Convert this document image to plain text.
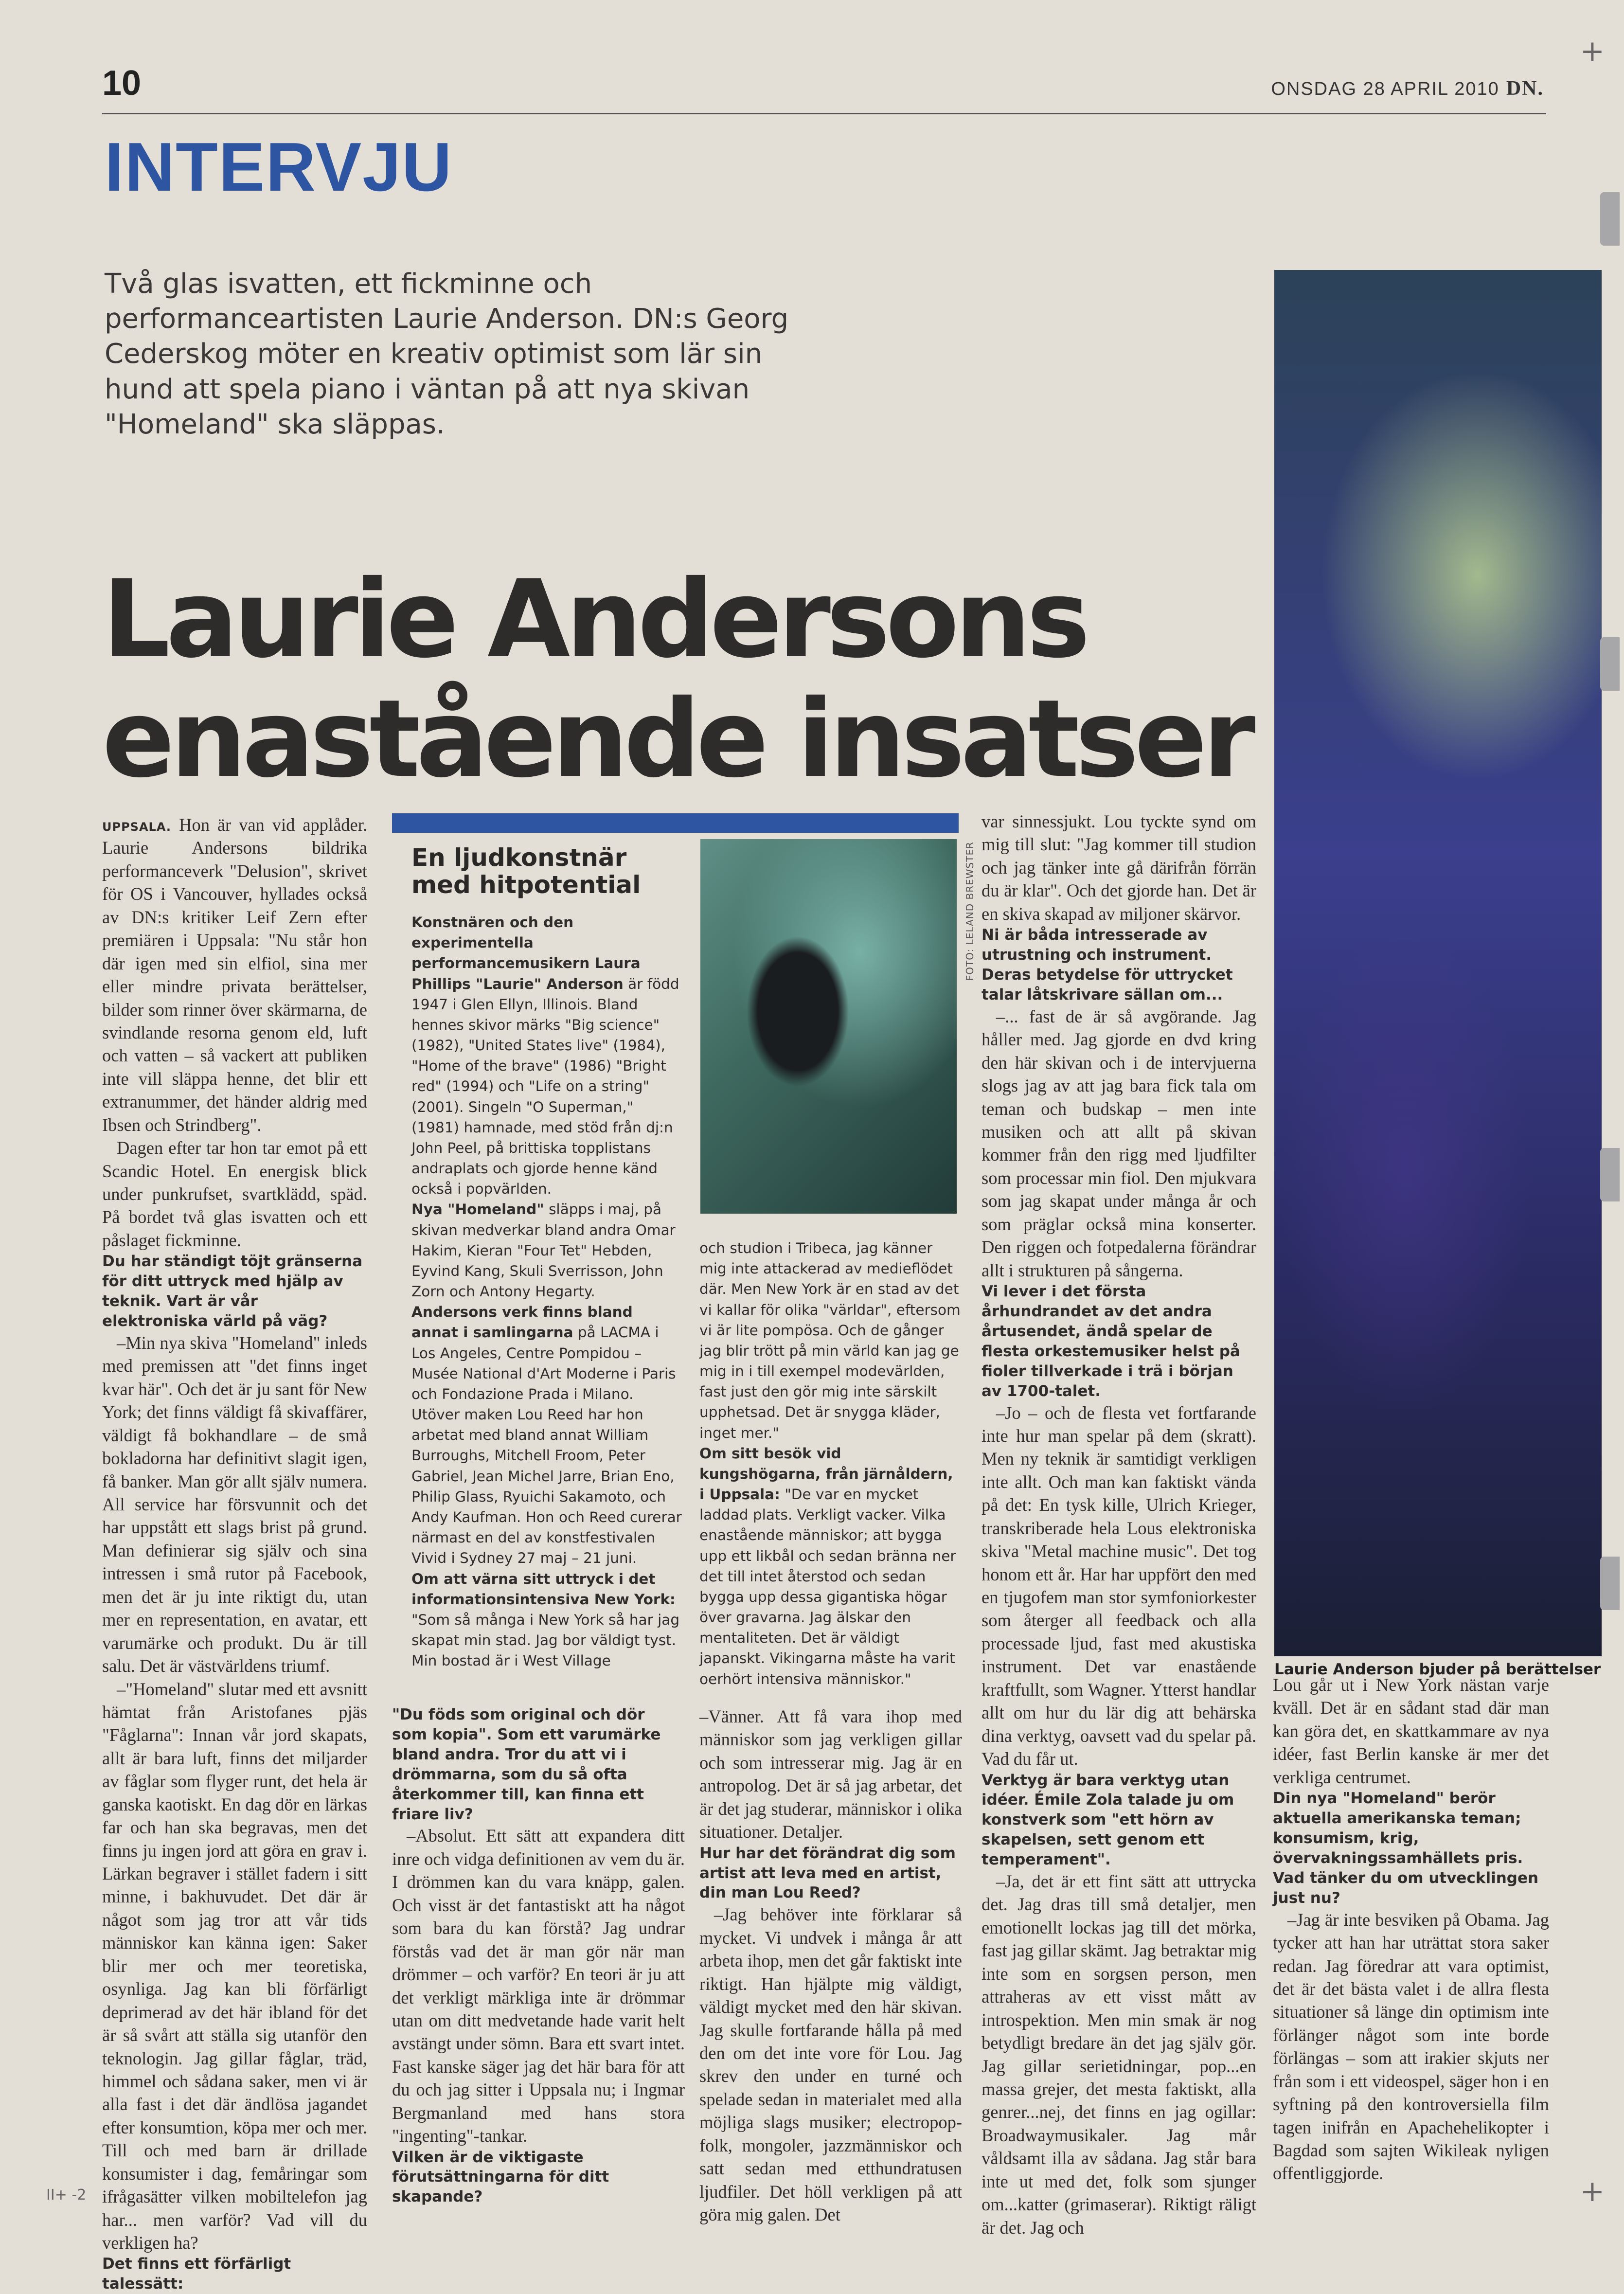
10	ONSDAG 28 APRIL 2010 DN.
INTERVJU
Två glas isvatten, ett fickminne och performanceartisten Laurie Anderson. DN:s Georg Cederskog möter en kreativ optimist som lär sin hund att spela piano i väntan på att nya skivan "Homeland" ska släppas.
Laurie Andersons enastående insatser
Laurie Anderson bjuder på berättelser

UPPSALA. Hon är van vid applåder. Laurie Andersons bildrika performanceverk "Delusion", skrivet för OS i Vancouver, hyllades också av DN:s kritiker Leif Zern efter premiären i Uppsala: "Nu står hon där igen med sin elfiol, sina mer eller mindre privata berättelser, bilder som rinner över skärmarna, de svindlande resorna genom eld, luft och vatten – så vackert att publiken inte vill släppa henne, det blir ett extranummer, det händer aldrig med Ibsen och Strindberg".

Dagen efter tar hon tar emot på ett Scandic Hotel. En energisk blick under punkrufset, svartklädd, späd. På bordet två glas isvatten och ett påslaget fickminne.

Du har ständigt töjt gränserna för ditt uttryck med hjälp av teknik. Vart är vår elektroniska värld på väg?

–Min nya skiva "Homeland" inleds med premissen att "det finns inget kvar här". Och det är ju sant för New York; det finns väldigt få skivaffärer, väldigt få bokhandlare – de små bokladorna har definitivt slagit igen, få banker. Man gör allt själv numera. All service har försvunnit och det har uppstått ett slags brist på grund. Man definierar sig själv och sina intressen i små rutor på Facebook, men det är ju inte riktigt du, utan mer en representation, en avatar, ett varumärke och produkt. Du är till salu. Det är västvärldens triumf.

–"Homeland" slutar med ett avsnitt hämtat från Aristofanes pjäs "Fåglarna": Innan vår jord skapats, allt är bara luft, finns det miljarder av fåglar som flyger runt, det hela är ganska kaotiskt. En dag dör en lärkas far och han ska begravas, men det finns ju ingen jord att göra en grav i. Lärkan begraver i stället fadern i sitt minne, i bakhuvudet. Det där är något som jag tror att vår tids människor kan känna igen: Saker blir mer och mer teoretiska, osynliga. Jag kan bli förfärligt deprimerad av det här ibland för det är så svårt att ställa sig utanför den teknologin. Jag gillar fåglar, träd, himmel och sådana saker, men vi är alla fast i det där ändlösa jagandet efter konsumtion, köpa mer och mer. Till och med barn är drillade konsumister i dag, femåringar som ifrågasätter vilken mobiltelefon jag har... men varför? Vad vill du verkligen ha?

Det finns ett förfärligt talessätt:

En ljudkonstnär med hitpotential

Konstnären och den experimentella performancemusikern Laura Phillips "Laurie" Anderson är född 1947 i Glen Ellyn, Illinois. Bland hennes skivor märks "Big science" (1982), "United States live" (1984), "Home of the brave" (1986) "Bright red" (1994) och "Life on a string" (2001). Singeln "O Superman," (1981) hamnade, med stöd från dj:n John Peel, på brittiska topplistans andraplats och gjorde henne känd också i popvärlden.

Nya "Homeland" släpps i maj, på skivan medverkar bland andra Omar Hakim, Kieran "Four Tet" Hebden, Eyvind Kang, Skuli Sverrisson, John Zorn och Antony Hegarty.

Andersons verk finns bland annat i samlingarna på LACMA i Los Angeles, Centre Pompidou – Musée National d'Art Moderne i Paris och Fondazione Prada i Milano. Utöver maken Lou Reed har hon arbetat med bland annat William Burroughs, Mitchell Froom, Peter Gabriel, Jean Michel Jarre, Brian Eno, Philip Glass, Ryuichi Sakamoto, och Andy Kaufman. Hon och Reed curerar närmast en del av konstfestivalen Vivid i Sydney 27 maj – 21 juni.

Om att värna sitt uttryck i det informationsintensiva New York: "Som så många i New York så har jag skapat min stad. Jag bor väldigt tyst. Min bostad är i West Village

FOTO: LELAND BREWSTER

och studion i Tribeca, jag känner mig inte attackerad av medieflödet där. Men New York är en stad av det vi kallar för olika "världar", eftersom vi är lite pompösa. Och de gånger jag blir trött på min värld kan jag ge mig in i till exempel modevärlden, fast just den gör mig inte särskilt upphetsad. Det är snygga kläder, inget mer."

Om sitt besök vid kungshögarna, från järnåldern, i Uppsala: "De var en mycket laddad plats. Verkligt vacker. Vilka enastående människor; att bygga upp ett likbål och sedan bränna ner det till intet återstod och sedan bygga upp dessa gigantiska högar över gravarna. Jag älskar den mentaliteten. Det är väldigt japanskt. Vikingarna måste ha varit oerhört intensiva människor."

"Du föds som original och dör som kopia". Som ett varumärke bland andra. Tror du att vi i drömmarna, som du så ofta återkommer till, kan finna ett friare liv?

–Absolut. Ett sätt att expandera ditt inre och vidga definitionen av vem du är. I drömmen kan du vara knäpp, galen. Och visst är det fantastiskt att ha något som bara du kan förstå? Jag undrar förstås vad det är man gör när man drömmer – och varför? En teori är ju att det verkligt märkliga inte är drömmar utan om ditt medvetande hade varit helt avstängt under sömn. Bara ett svart intet. Fast kanske säger jag det här bara för att du och jag sitter i Uppsala nu; i Ingmar Bergmanland med hans stora "ingenting"-tankar.

Vilken är de viktigaste förutsättningarna för ditt skapande?

–Vänner. Att få vara ihop med människor som jag verkligen gillar och som intresserar mig. Jag är en antropolog. Det är så jag arbetar, det är det jag studerar, människor i olika situationer. Detaljer.

Hur har det förändrat dig som artist att leva med en artist, din man Lou Reed?

–Jag behöver inte förklarar så mycket. Vi undvek i många år att arbeta ihop, men det går faktiskt inte riktigt. Han hjälpte mig väldigt, väldigt mycket med den här skivan. Jag skulle fortfarande hålla på med den om det inte vore för Lou. Jag skrev den under en turné och spelade sedan in materialet med alla möjliga slags musiker; electropop-folk, mongoler, jazzmänniskor och satt sedan med etthundratusen ljudfiler. Det höll verkligen på att göra mig galen. Det

var sinnessjukt. Lou tyckte synd om mig till slut: "Jag kommer till studion och jag tänker inte gå därifrån förrän du är klar". Och det gjorde han. Det är en skiva skapad av miljoner skärvor.

Ni är båda intresserade av utrustning och instrument. Deras betydelse för uttrycket talar låtskrivare sällan om...

–... fast de är så avgörande. Jag håller med. Jag gjorde en dvd kring den här skivan och i de intervjuerna slogs jag av att jag bara fick tala om teman och budskap – men inte musiken och att allt på skivan kommer från den rigg med ljudfilter som processar min fiol. Den mjukvara som jag skapat under många år och som präglar också mina konserter. Den riggen och fotpedalerna förändrar allt i strukturen på sångerna.

Vi lever i det första århundrandet av det andra årtusendet, ändå spelar de flesta orkestemusiker helst på fioler tillverkade i trä i början av 1700-talet.

–Jo – och de flesta vet fortfarande inte hur man spelar på dem (skratt). Men ny teknik är samtidigt verkligen inte allt. Och man kan faktiskt vända på det: En tysk kille, Ulrich Krieger, transkriberade hela Lous elektroniska skiva "Metal machine music". Det tog honom ett år. Har har uppfört den med en tjugofem man stor symfoniorkester som återger all feedback och alla processade ljud, fast med akustiska instrument. Det var enastående kraftfullt, som Wagner. Ytterst handlar allt om hur du lär dig att behärska dina verktyg, oavsett vad du spelar på. Vad du får ut.

Verktyg är bara verktyg utan idéer. Émile Zola talade ju om konstverk som "ett hörn av skapelsen, sett genom ett temperament".

–Ja, det är ett fint sätt att uttrycka det. Jag dras till små detaljer, men emotionellt lockas jag till det mörka, fast jag gillar skämt. Jag betraktar mig inte som en sorgsen person, men attraheras av ett visst mått av introspektion. Men min smak är nog betydligt bredare än det jag själv gör. Jag gillar serietidningar, pop...en massa grejer, det mesta faktiskt, alla genrer...nej, det finns en jag ogillar: Broadwaymusikaler. Jag mår våldsamt illa av sådana. Jag står bara inte ut med det, folk som sjunger om...katter (grimaserar). Riktigt räligt är det. Jag och

Lou går ut i New York nästan varje kväll. Det är en sådant stad där man kan göra det, en skattkammare av nya idéer, fast Berlin kanske är mer det verkliga centrumet.

Din nya "Homeland" berör aktuella amerikanska teman; konsumism, krig, övervakningssamhällets pris. Vad tänker du om utvecklingen just nu?

–Jag är inte besviken på Obama. Jag tycker att han har uträttat stora saker redan. Jag föredrar att vara optimist, det är det bästa valet i de allra flesta situationer så länge din optimism inte förlänger något som inte borde förlängas – som att irakier skjuts ner från som i ett videospel, säger hon i en syftning på den kontroversiella film tagen inifrån en Apachehelikopter i Bagdad som sajten Wikileak nyligen offentliggjorde.

II+ -2
+
+
